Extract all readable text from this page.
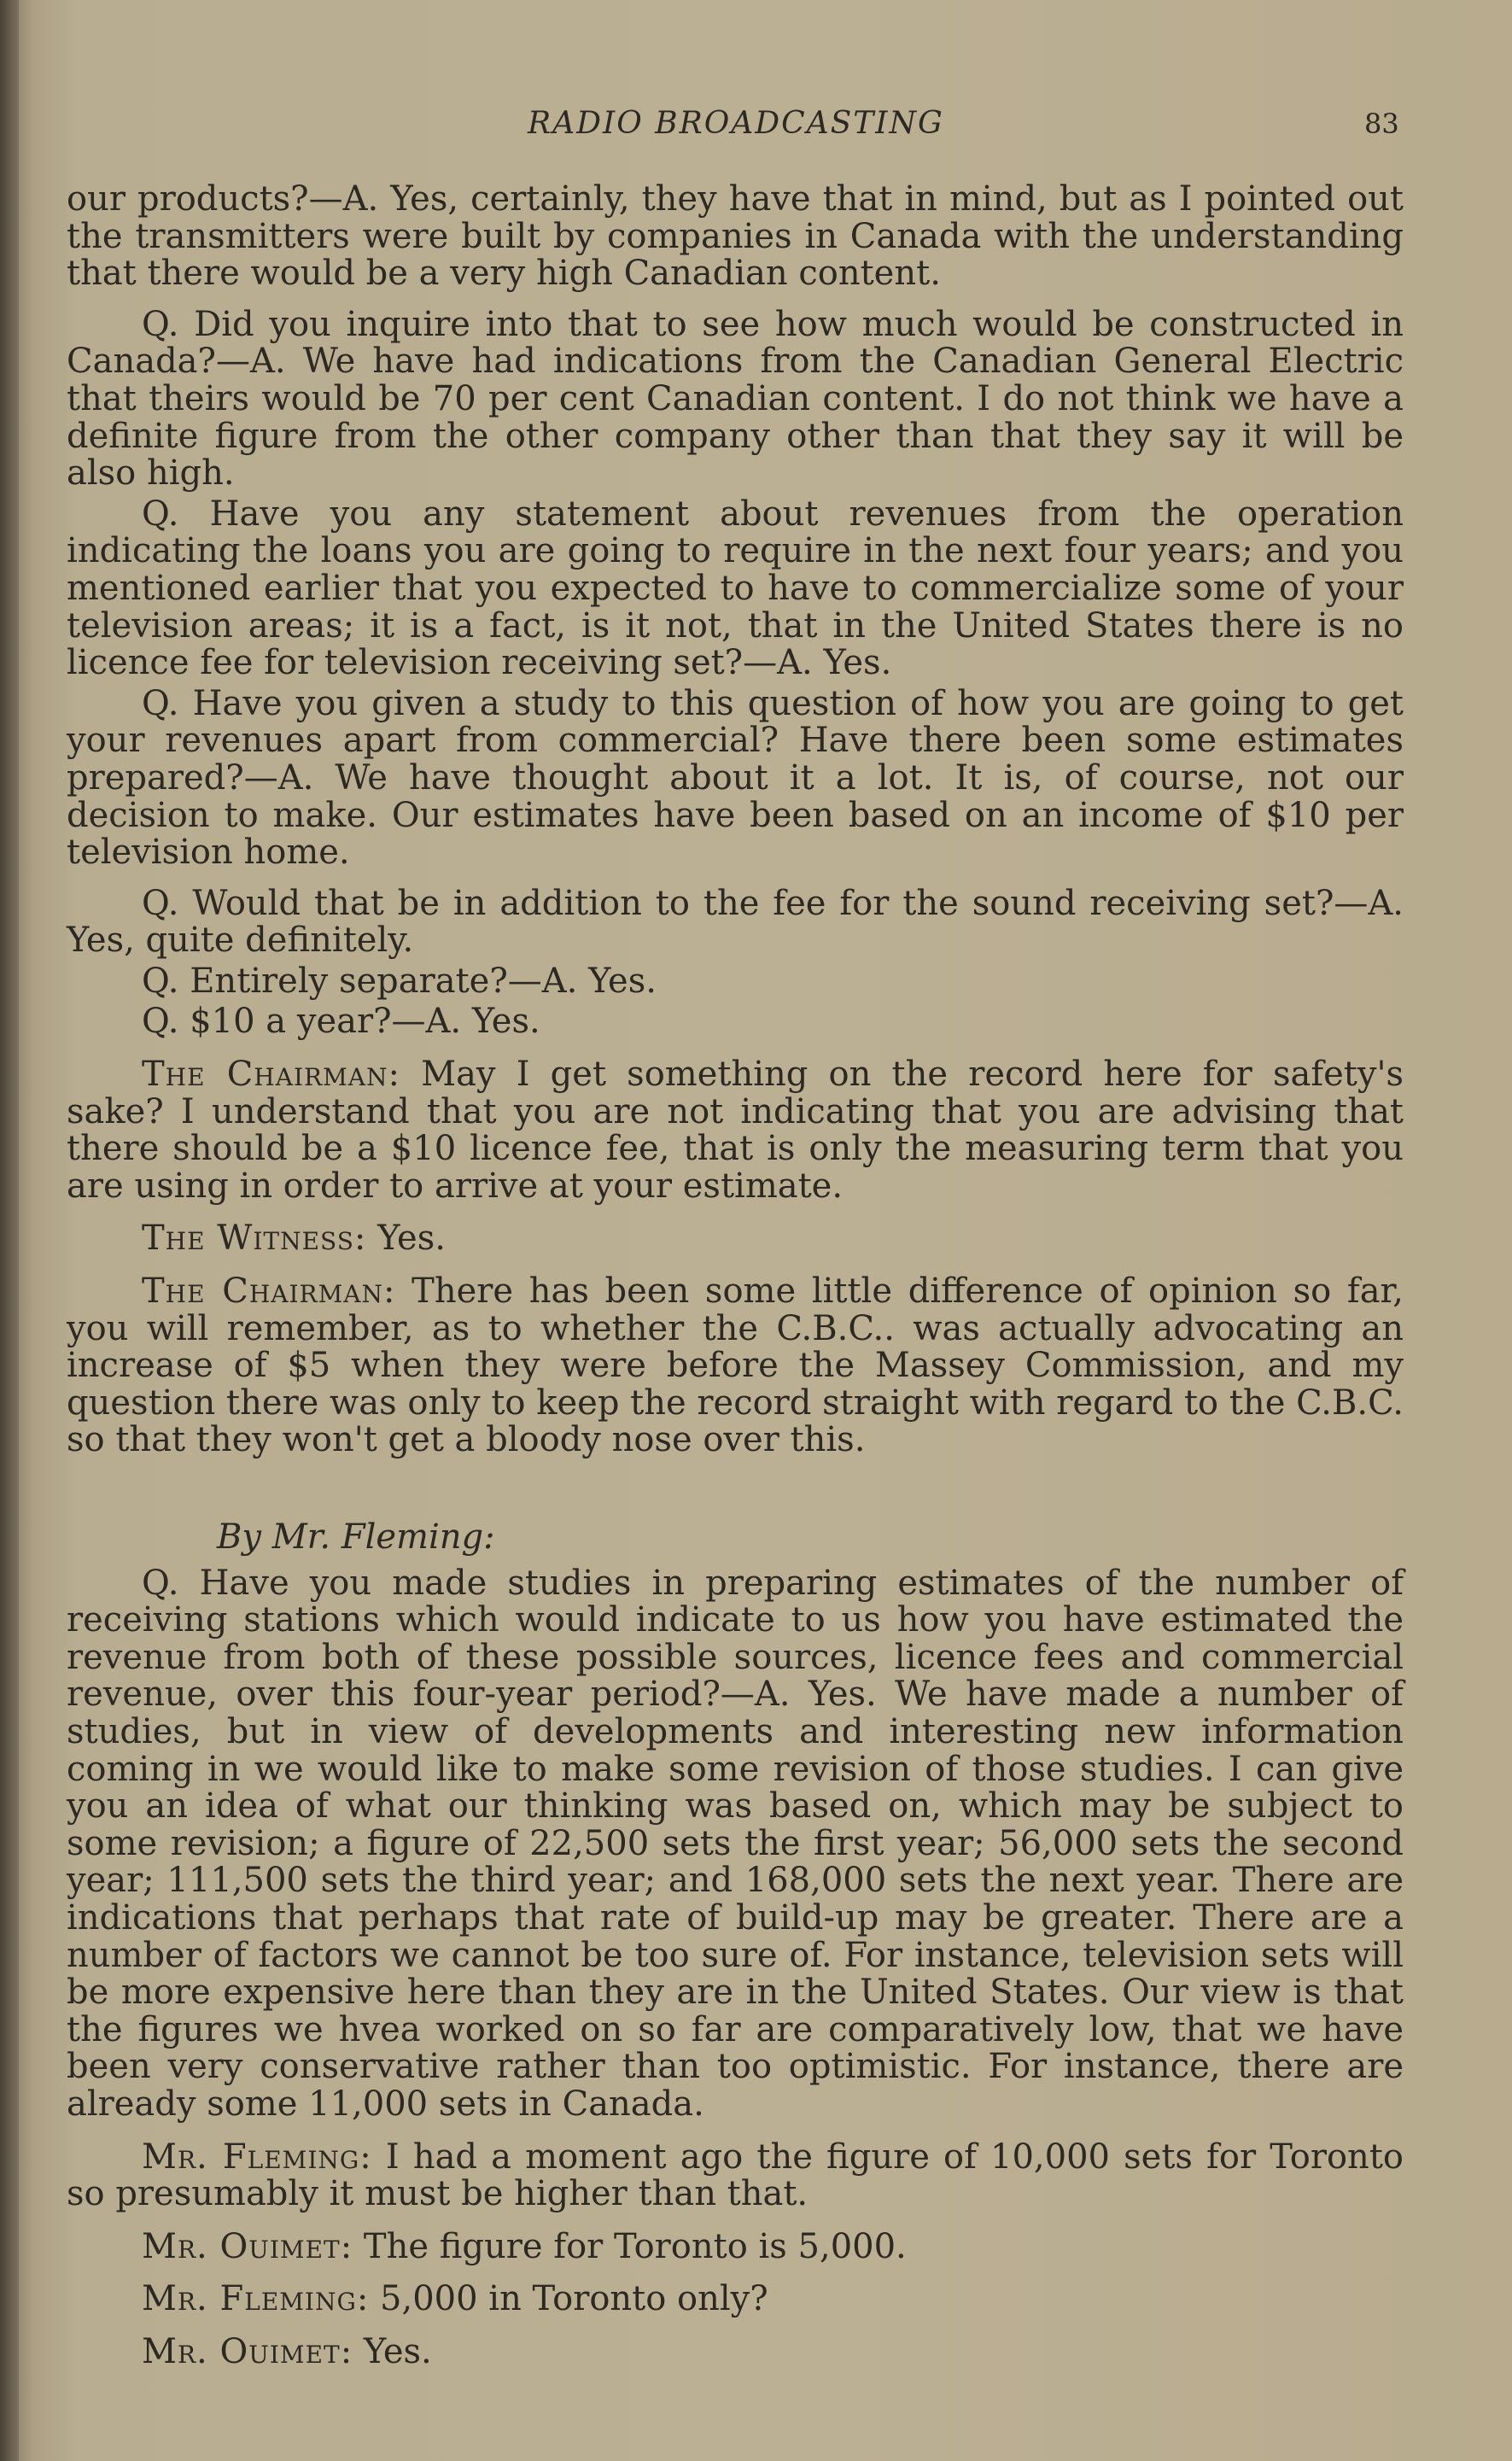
RADIO BROADCASTING	83

our products?—A. Yes, certainly, they have that in mind, but as I pointed out the transmitters were built by companies in Canada with the understanding that there would be a very high Canadian content.

Q. Did you inquire into that to see how much would be constructed in Canada?—A. We have had indications from the Canadian General Electric that theirs would be 70 per cent Canadian content. I do not think we have a definite figure from the other company other than that they say it will be also high.

Q. Have you any statement about revenues from the operation indicating the loans you are going to require in the next four years; and you mentioned earlier that you expected to have to commercialize some of your television areas; it is a fact, is it not, that in the United States there is no licence fee for television receiving set?—A. Yes.

Q. Have you given a study to this question of how you are going to get your revenues apart from commercial? Have there been some estimates prepared?—A. We have thought about it a lot. It is, of course, not our decision to make. Our estimates have been based on an income of $10 per television home.

Q. Would that be in addition to the fee for the sound receiving set?—A. Yes, quite definitely.

Q. Entirely separate?—A. Yes.

Q. $10 a year?—A. Yes.

The Chairman: May I get something on the record here for safety's sake? I understand that you are not indicating that you are advising that there should be a $10 licence fee, that is only the measuring term that you are using in order to arrive at your estimate.

The Witness: Yes.

The Chairman: There has been some little difference of opinion so far, you will remember, as to whether the C.B.C.. was actually advocating an increase of $5 when they were before the Massey Commission, and my question there was only to keep the record straight with regard to the C.B.C. so that they won't get a bloody nose over this.

By Mr. Fleming:

Q. Have you made studies in preparing estimates of the number of receiving stations which would indicate to us how you have estimated the revenue from both of these possible sources, licence fees and commercial revenue, over this four-year period?—A. Yes. We have made a number of studies, but in view of developments and interesting new information coming in we would like to make some revision of those studies. I can give you an idea of what our thinking was based on, which may be subject to some revision; a figure of 22,500 sets the first year; 56,000 sets the second year; 111,500 sets the third year; and 168,000 sets the next year. There are indications that perhaps that rate of build-up may be greater. There are a number of factors we cannot be too sure of. For instance, television sets will be more expensive here than they are in the United States. Our view is that the figures we hvea worked on so far are comparatively low, that we have been very conservative rather than too optimistic. For instance, there are already some 11,000 sets in Canada.

Mr. Fleming: I had a moment ago the figure of 10,000 sets for Toronto so presumably it must be higher than that.

Mr. Ouimet: The figure for Toronto is 5,000.

Mr. Fleming: 5,000 in Toronto only?

Mr. Ouimet: Yes.
